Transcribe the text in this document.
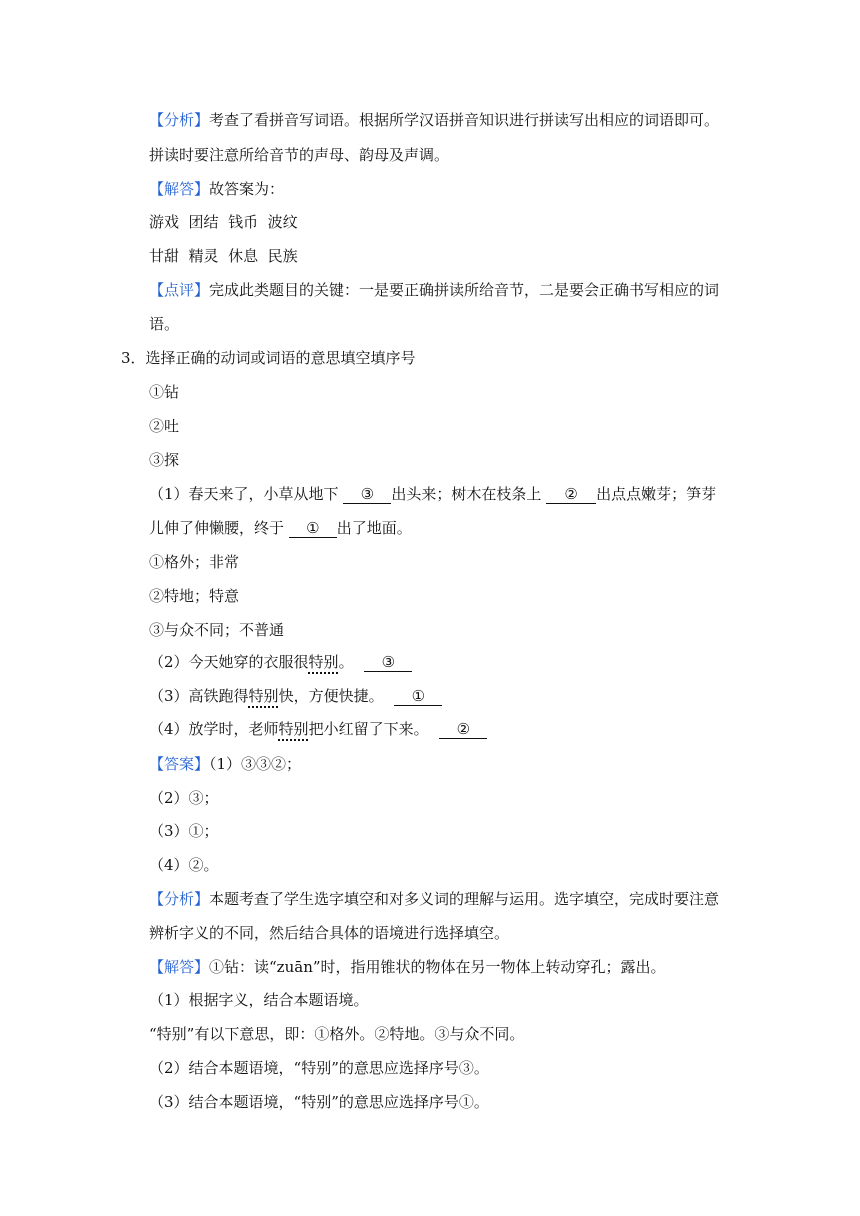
【分析】考查了看拼音写词语。根据所学汉语拼音知识进行拼读写出相应的词语即可。
拼读时要注意所给音节的声母、韵母及声调。
【解答】故答案为：
游戏  团结  钱币  波纹
甘甜  精灵  休息  民族
【点评】完成此类题目的关键：一是要正确拼读所给音节，二是要会正确书写相应的词
语。
3．选择正确的动词或词语的意思填空填序号
①钻
②吐
③探
（1）春天来了，小草从地下 ③ 出头来；树木在枝条上 ② 出点点嫩芽；笋芽
儿伸了伸懒腰，终于 ① 出了地面。
①格外；非常
②特地；特意
③与众不同；不普通
（2）今天她穿的衣服很特别。 ③
（3）高铁跑得特别快，方便快捷。 ①
（4）放学时，老师特别把小红留了下来。 ②
【答案】（1）③③②；
（2）③；
（3）①；
（4）②。
【分析】本题考查了学生选字填空和对多义词的理解与运用。选字填空，完成时要注意
辨析字义的不同，然后结合具体的语境进行选择填空。
【解答】①钻：读“zuān”时，指用锥状的物体在另一物体上转动穿孔；露出。
（1）根据字义，结合本题语境。
“特别”有以下意思，即：①格外。②特地。③与众不同。
（2）结合本题语境，“特别”的意思应选择序号③。
（3）结合本题语境，“特别”的意思应选择序号①。
